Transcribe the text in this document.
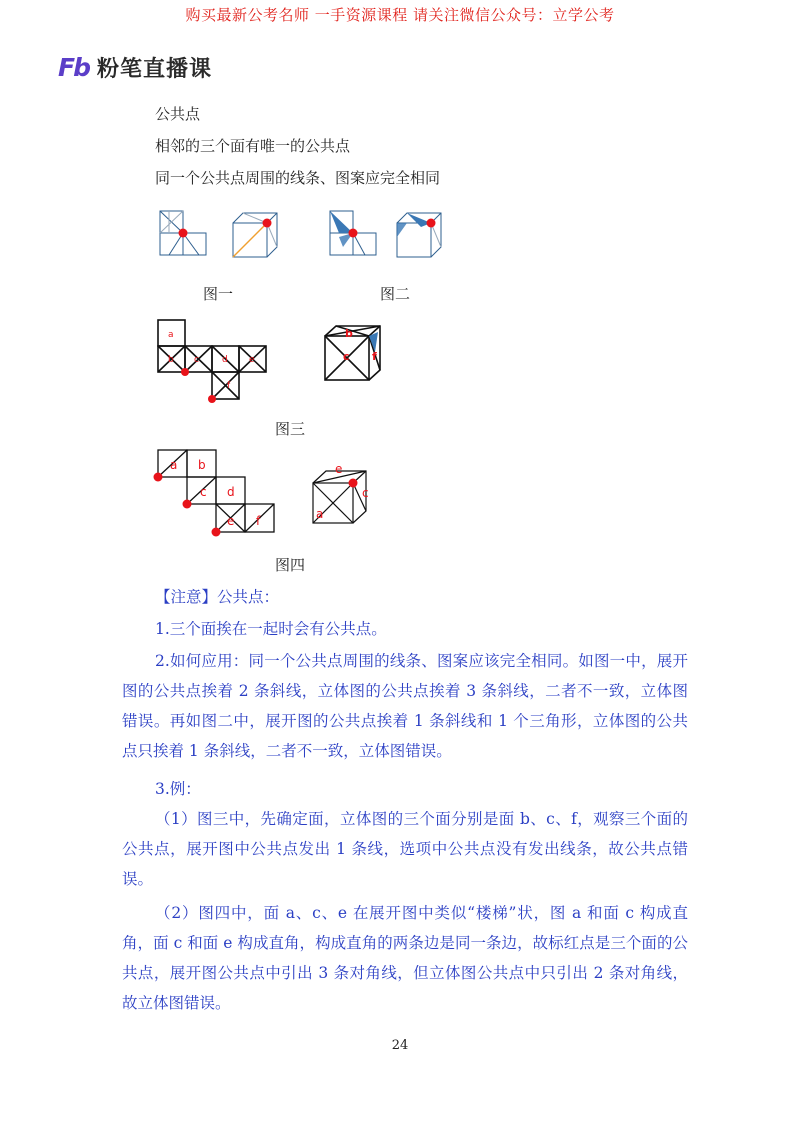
购买最新公考名师 一手资源课程 请关注微信公众号：立学公考
Fb 粉笔直播课
公共点
相邻的三个面有唯一的公共点
同一个公共点周围的线条、图案应完全相同
图一	图二
a
b c	d e
f
b
c f
图三
a b
c d
e f
e
c
a
图四
【注意】公共点：
1.三个面挨在一起时会有公共点。
2.如何应用：同一个公共点周围的线条、图案应该完全相同。如图一中，展开图的公共点挨着 2 条斜线，立体图的公共点挨着 3 条斜线，二者不一致，立体图错误。再如图二中，展开图的公共点挨着 1 条斜线和 1 个三角形，立体图的公共点只挨着 1 条斜线，二者不一致，立体图错误。
3.例：
（1）图三中，先确定面，立体图的三个面分别是面 b、c、f，观察三个面的公共点，展开图中公共点发出 1 条线，选项中公共点没有发出线条，故公共点错误。
（2）图四中，面 a、c、e 在展开图中类似“楼梯”状，图 a 和面 c 构成直角，面 c 和面 e 构成直角，构成直角的两条边是同一条边，故标红点是三个面的公共点，展开图公共点中引出 3 条对角线，但立体图公共点中只引出 2 条对角线，故立体图错误。
24
